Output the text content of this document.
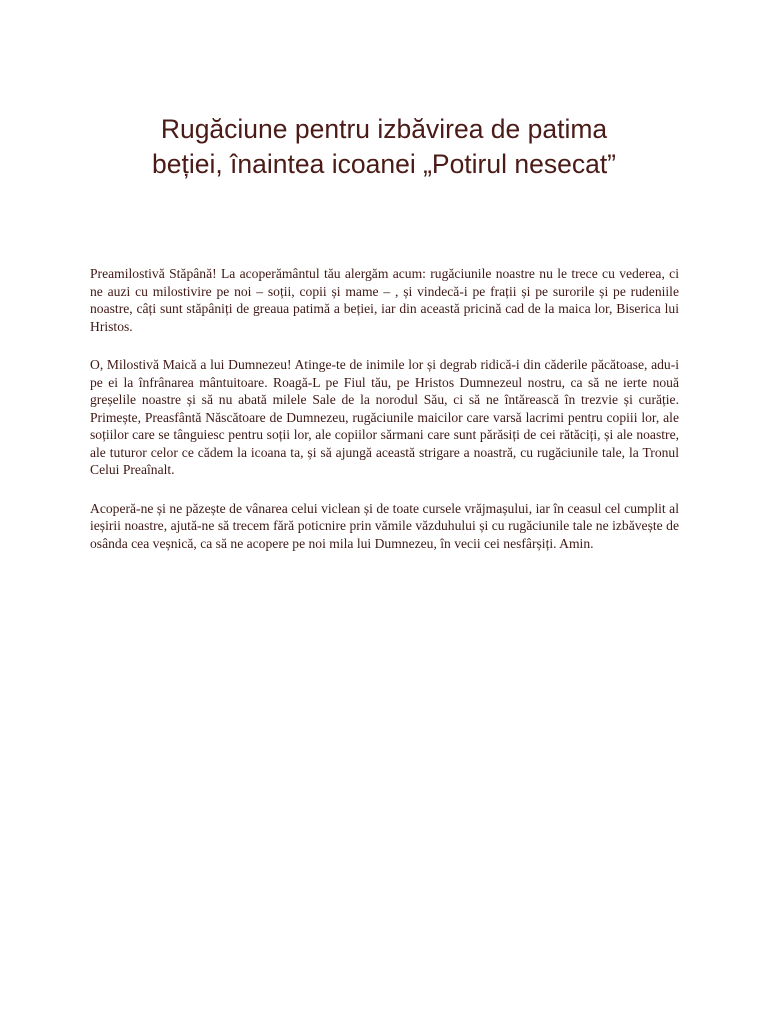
Rugăciune pentru izbăvirea de patima
beției, înaintea icoanei „Potirul nesecat”

Preamilostivă Stăpână! La acoperământul tău alergăm acum: rugăciunile noastre nu le trece cu vederea, ci ne auzi cu milostivire pe noi – soții, copii și mame – , și vindecă-i pe frații și pe surorile și pe rudeniile noastre, câți sunt stăpâniți de greaua patimă a beției, iar din această pricină cad de la maica lor, Biserica lui Hristos.

O, Milostivă Maică a lui Dumnezeu! Atinge-te de inimile lor și degrab ridică-i din căderile păcătoase, adu-i pe ei la înfrânarea mântuitoare. Roagă-L pe Fiul tău, pe Hristos Dumnezeul nostru, ca să ne ierte nouă greșelile noastre și să nu abată milele Sale de la norodul Său, ci să ne întărească în trezvie și curăție. Primește, Preasfântă Născătoare de Dumnezeu, rugăciunile maicilor care varsă lacrimi pentru copiii lor, ale soțiilor care se tânguiesc pentru soții lor, ale copiilor sărmani care sunt părăsiți de cei rătăciți, și ale noastre, ale tuturor celor ce cădem la icoana ta, și să ajungă această strigare a noastră, cu rugăciunile tale, la Tronul Celui Preaînalt.

Acoperă-ne și ne păzește de vânarea celui viclean și de toate cursele vrăjmașului, iar în ceasul cel cumplit al ieșirii noastre, ajută-ne să trecem fără poticnire prin vămile văzduhului și cu rugăciunile tale ne izbăvește de osânda cea veșnică, ca să ne acopere pe noi mila lui Dumnezeu, în vecii cei nesfârșiți. Amin.
